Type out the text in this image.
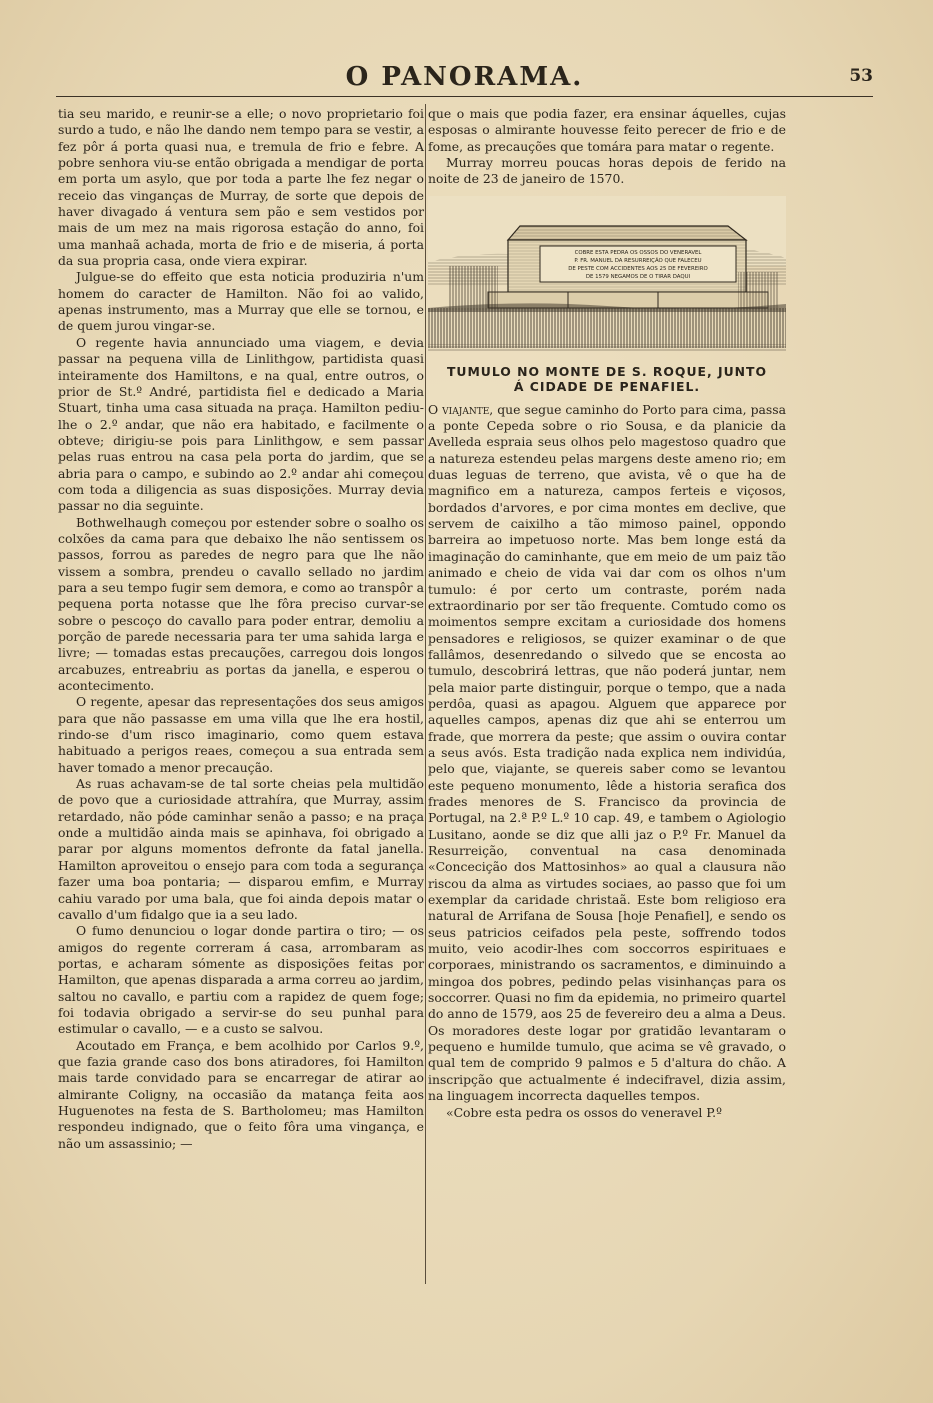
O PANORAMA.	53

tia seu marido, e reunir-se a elle; o novo proprietario foi surdo a tudo, e não lhe dando nem tempo para se vestir, a fez pôr á porta quasi nua, e tremula de frio e febre. A pobre senhora viu-se então obrigada a mendigar de porta em porta um asylo, que por toda a parte lhe fez negar o receio das vinganças de Murray, de sorte que depois de haver divagado á ventura sem pão e sem vestidos por mais de um mez na mais rigorosa estação do anno, foi uma manhaã achada, morta de frio e de miseria, á porta da sua propria casa, onde viera expirar.

Julgue-se do effeito que esta noticia produziria n'um homem do caracter de Hamilton. Não foi ao valido, apenas instrumento, mas a Murray que elle se tornou, e de quem jurou vingar-se.

O regente havia annunciado uma viagem, e devia passar na pequena villa de Linlithgow, partidista quasi inteiramente dos Hamiltons, e na qual, entre outros, o prior de St.º André, partidista fiel e dedicado a Maria Stuart, tinha uma casa situada na praça. Hamilton pediu-lhe o 2.º andar, que não era habitado, e facilmente o obteve; dirigiu-se pois para Linlithgow, e sem passar pelas ruas entrou na casa pela porta do jardim, que se abria para o campo, e subindo ao 2.º andar ahi começou com toda a diligencia as suas disposições. Murray devia passar no dia seguinte.

Bothwelhaugh começou por estender sobre o soalho os colxões da cama para que debaixo lhe não sentissem os passos, forrou as paredes de negro para que lhe não vissem a sombra, prendeu o cavallo sellado no jardim para a seu tempo fugir sem demora, e como ao transpôr a pequena porta notasse que lhe fôra preciso curvar-se sobre o pescoço do cavallo para poder entrar, demoliu a porção de parede necessaria para ter uma sahida larga e livre; — tomadas estas precauções, carregou dois longos arcabuzes, entreabriu as portas da janella, e esperou o acontecimento.

O regente, apesar das representações dos seus amigos para que não passasse em uma villa que lhe era hostil, rindo-se d'um risco imaginario, como quem estava habituado a perigos reaes, começou a sua entrada sem haver tomado a menor precaução.

As ruas achavam-se de tal sorte cheias pela multidão de povo que a curiosidade attrahíra, que Murray, assim retardado, não póde caminhar senão a passo; e na praça onde a multidão ainda mais se apinhava, foi obrigado a parar por alguns momentos defronte da fatal janella. Hamilton aproveitou o ensejo para com toda a segurança fazer uma boa pontaria; — disparou emfim, e Murray cahiu varado por uma bala, que foi ainda depois matar o cavallo d'um fidalgo que ia a seu lado.

O fumo denunciou o logar donde partira o tiro; — os amigos do regente correram á casa, arrombaram as portas, e acharam sómente as disposições feitas por Hamilton, que apenas disparada a arma correu ao jardim, saltou no cavallo, e partiu com a rapidez de quem foge; foi todavia obrigado a servir-se do seu punhal para estimular o cavallo, — e a custo se salvou.

Acoutado em França, e bem acolhido por Carlos 9.º, que fazia grande caso dos bons atiradores, foi Hamilton mais tarde convidado para se encarregar de atirar ao almirante Coligny, na occasião da matança feita aos Huguenotes na festa de S. Bartholomeu; mas Hamilton respondeu indignado, que o feito fôra uma vingança, e não um assassinio; —

que o mais que podia fazer, era ensinar áquelles, cujas esposas o almirante houvesse feito perecer de frio e de fome, as precauções que tomára para matar o regente.

Murray morreu poucas horas depois de ferido na noite de 23 de janeiro de 1570.

COBRE ESTA PEDRA OS OSSOS DO VENERAVEL
P. FR. MANUEL DA RESURREIÇÃO QUE FALECEU
DE PESTE COM ACCIDENTES AOS 25 DE FEVEREIRO
DE 1579 NEGAMOS DE O TIRAR DAQUI
TUMULO NO MONTE DE S. ROQUE, JUNTO
Á CIDADE DE PENAFIEL.

O viajante, que segue caminho do Porto para cima, passa a ponte Cepeda sobre o rio Sousa, e da planicie da Avelleda espraia seus olhos pelo magestoso quadro que a natureza estendeu pelas margens deste ameno rio; em duas leguas de terreno, que avista, vê o que ha de magnifico em a natureza, campos ferteis e viçosos, bordados d'arvores, e por cima montes em declive, que servem de caixilho a tão mimoso painel, oppondo barreira ao impetuoso norte. Mas bem longe está da imaginação do caminhante, que em meio de um paiz tão animado e cheio de vida vai dar com os olhos n'um tumulo: é por certo um contraste, porém nada extraordinario por ser tão frequente. Comtudo como os moimentos sempre excitam a curiosidade dos homens pensadores e religiosos, se quizer examinar o de que fallâmos, desenredando o silvedo que se encosta ao tumulo, descobrirá lettras, que não poderá juntar, nem pela maior parte distinguir, porque o tempo, que a nada perdôa, quasi as apagou. Alguem que apparece por aquelles campos, apenas diz que ahi se enterrou um frade, que morrera da peste; que assim o ouvira contar a seus avós. Esta tradição nada explica nem individúa, pelo que, viajante, se quereis saber como se levantou este pequeno monumento, lêde a historia serafica dos frades menores de S. Francisco da provincia de Portugal, na 2.ª P.º L.º 10 cap. 49, e tambem o Agiologio Lusitano, aonde se diz que alli jaz o P.º Fr. Manuel da Resurreição, conventual na casa denominada «Concecição dos Mattosinhos» ao qual a clausura não riscou da alma as virtudes sociaes, ao passo que foi um exemplar da caridade christaã. Este bom religioso era natural de Arrifana de Sousa [hoje Penafiel], e sendo os seus patricios ceifados pela peste, soffrendo todos muito, veio acodir-lhes com soccorros espirituaes e corporaes, ministrando os sacramentos, e diminuindo a mingoa dos pobres, pedindo pelas visinhanças para os soccorrer. Quasi no fim da epidemia, no primeiro quartel do anno de 1579, aos 25 de fevereiro deu a alma a Deus. Os moradores deste logar por gratidão levantaram o pequeno e humilde tumulo, que acima se vê gravado, o qual tem de comprido 9 palmos e 5 d'altura do chão. A inscripção que actualmente é indecifravel, dizia assim, na linguagem incorrecta daquelles tempos.

«Cobre esta pedra os ossos do veneravel P.º
